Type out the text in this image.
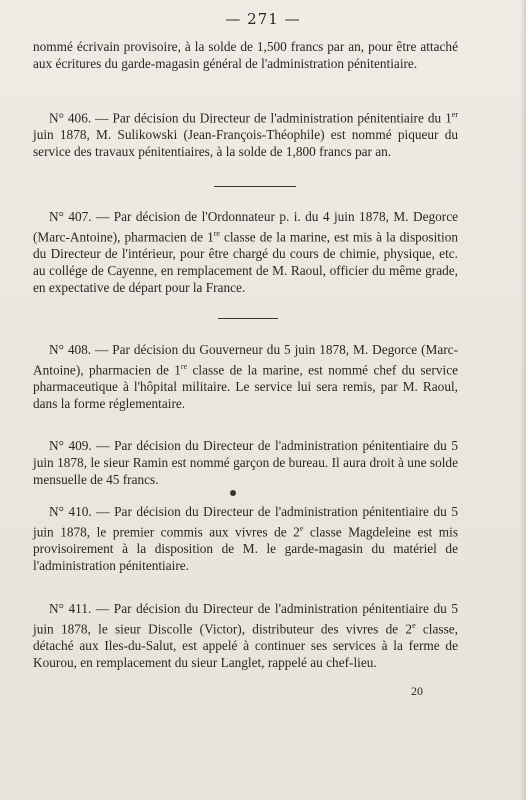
— 271 —
nommé écrivain provisoire, à la solde de 1,500 francs par an, pour être attaché aux écritures du garde-magasin général de l'administration pénitentiaire.
N° 406. — Par décision du Directeur de l'administration pénitentiaire du 1er juin 1878, M. Sulikowski (Jean-François-Théophile) est nommé piqueur du service des travaux pénitentiaires, à la solde de 1,800 francs par an.
N° 407. — Par décision de l'Ordonnateur p. i. du 4 juin 1878, M. Degorce (Marc-Antoine), pharmacien de 1re classe de la marine, est mis à la disposition du Directeur de l'intérieur, pour être chargé du cours de chimie, physique, etc. au collége de Cayenne, en remplacement de M. Raoul, officier du même grade, en expectative de départ pour la France.
N° 408. — Par décision du Gouverneur du 5 juin 1878, M. Degorce (Marc-Antoine), pharmacien de 1re classe de la marine, est nommé chef du service pharmaceutique à l'hôpital militaire. Le service lui sera remis, par M. Raoul, dans la forme réglementaire.
N° 409. — Par décision du Directeur de l'administration pénitentiaire du 5 juin 1878, le sieur Ramin est nommé garçon de bureau. Il aura droit à une solde mensuelle de 45 francs.
N° 410. — Par décision du Directeur de l'administration pénitentiaire du 5 juin 1878, le premier commis aux vivres de 2e classe Magdeleine est mis provisoirement à la disposition de M. le garde-magasin du matériel de l'administration pénitentiaire.
N° 411. — Par décision du Directeur de l'administration pénitentiaire du 5 juin 1878, le sieur Discolle (Victor), distributeur des vivres de 2e classe, détaché aux Iles-du-Salut, est appelé à continuer ses services à la ferme de Kourou, en remplacement du sieur Langlet, rappelé au chef-lieu.
20
